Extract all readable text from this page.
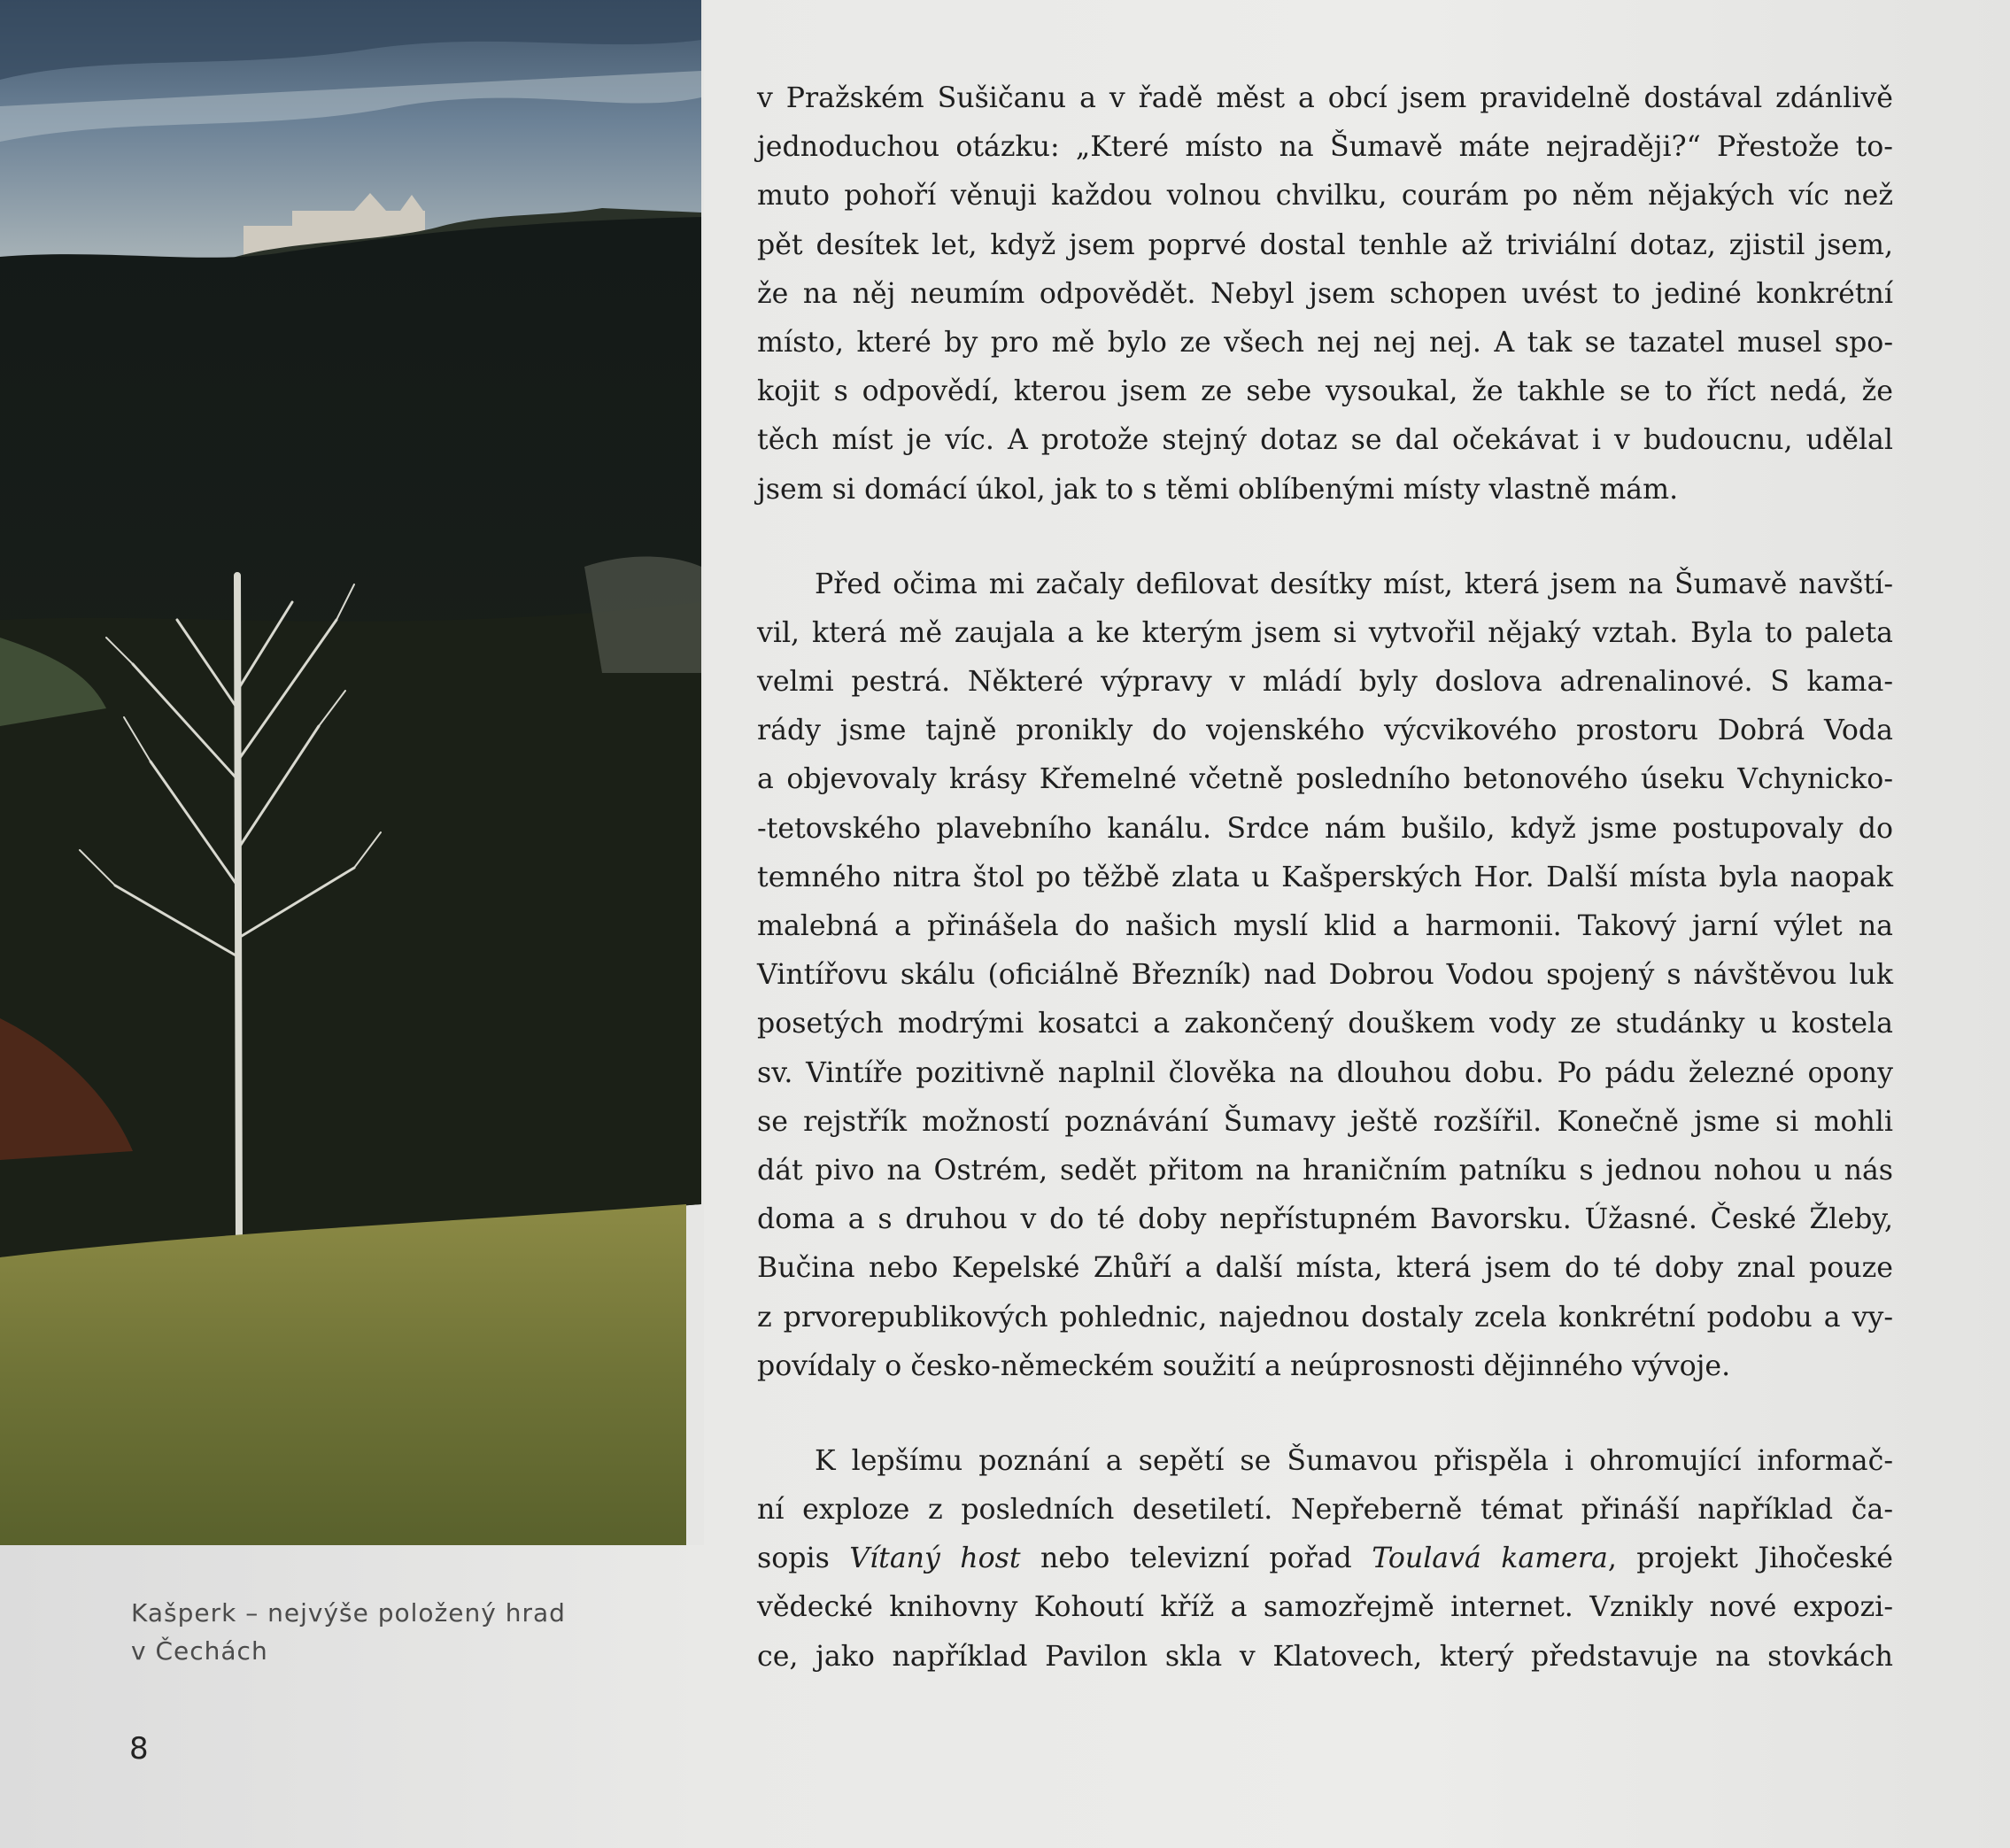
Kašperk – nejvýše položený hrad
v Čechách
8
v Pražském Sušičanu a v řadě měst a obcí jsem pravidelně dostával zdánlivě
jednoduchou otázku: „Které místo na Šumavě máte nejraději?“ Přestože to-
muto pohoří věnuji každou volnou chvilku, courám po něm nějakých víc než
pět desítek let, když jsem poprvé dostal tenhle až triviální dotaz, zjistil jsem,
že na něj neumím odpovědět. Nebyl jsem schopen uvést to jediné konkrétní
místo, které by pro mě bylo ze všech nej nej nej. A tak se tazatel musel spo-
kojit s odpovědí, kterou jsem ze sebe vysoukal, že takhle se to říct nedá, že
těch míst je víc. A protože stejný dotaz se dal očekávat i v budoucnu, udělal
jsem si domácí úkol, jak to s těmi oblíbenými místy vlastně mám.
Před očima mi začaly defilovat desítky míst, která jsem na Šumavě navští-
vil, která mě zaujala a ke kterým jsem si vytvořil nějaký vztah. Byla to paleta
velmi pestrá. Některé výpravy v mládí byly doslova adrenalinové. S kama-
rády jsme tajně pronikly do vojenského výcvikového prostoru Dobrá Voda
a objevovaly krásy Křemelné včetně posledního betonového úseku Vchynicko-
-tetovského plavebního kanálu. Srdce nám bušilo, když jsme postupovaly do
temného nitra štol po těžbě zlata u Kašperských Hor. Další místa byla naopak
malebná a přinášela do našich myslí klid a harmonii. Takový jarní výlet na
Vintířovu skálu (oficiálně Březník) nad Dobrou Vodou spojený s návštěvou luk
posetých modrými kosatci a zakončený douškem vody ze studánky u kostela
sv. Vintíře pozitivně naplnil člověka na dlouhou dobu. Po pádu železné opony
se rejstřík možností poznávání Šumavy ještě rozšířil. Konečně jsme si mohli
dát pivo na Ostrém, sedět přitom na hraničním patníku s jednou nohou u nás
doma a s druhou v do té doby nepřístupném Bavorsku. Úžasné. České Žleby,
Bučina nebo Kepelské Zhůří a další místa, která jsem do té doby znal pouze
z prvorepublikových pohlednic, najednou dostaly zcela konkrétní podobu a vy-
povídaly o česko-německém soužití a neúprosnosti dějinného vývoje.
K lepšímu poznání a sepětí se Šumavou přispěla i ohromující informač-
ní exploze z posledních desetiletí. Nepřeberně témat přináší například ča-
sopis Vítaný host nebo televizní pořad Toulavá kamera, projekt Jihočeské
vědecké knihovny Kohoutí kříž a samozřejmě internet. Vznikly nové expozi-
ce, jako například Pavilon skla v Klatovech, který představuje na stovkách
